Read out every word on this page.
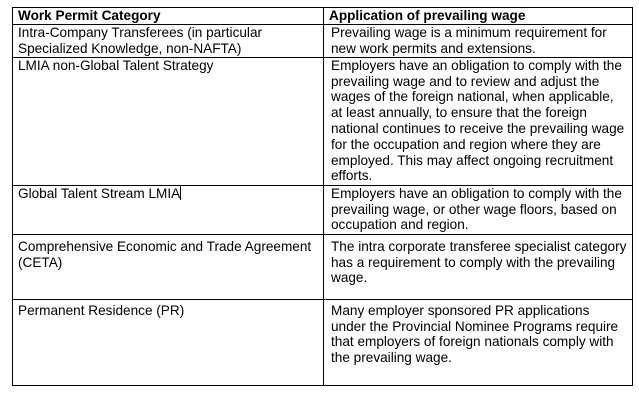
Work Permit Category	Application of prevailing wage
Intra-Company Transferees (in particular Specialized Knowledge, non-NAFTA)	Prevailing wage is a minimum requirement for new work permits and extensions.
LMIA non-Global Talent Strategy	Employers have an obligation to comply with the prevailing wage and to review and adjust the wages of the foreign national, when applicable, at least annually, to ensure that the foreign national continues to receive the prevailing wage for the occupation and region where they are employed. This may affect ongoing recruitment efforts.
Global Talent Stream LMIA	Employers have an obligation to comply with the prevailing wage, or other wage floors, based on occupation and region.
Comprehensive Economic and Trade Agreement (CETA)	The intra corporate transferee specialist category has a requirement to comply with the prevailing wage.
Permanent Residence (PR)	Many employer sponsored PR applications under the Provincial Nominee Programs require that employers of foreign nationals comply with the prevailing wage.
